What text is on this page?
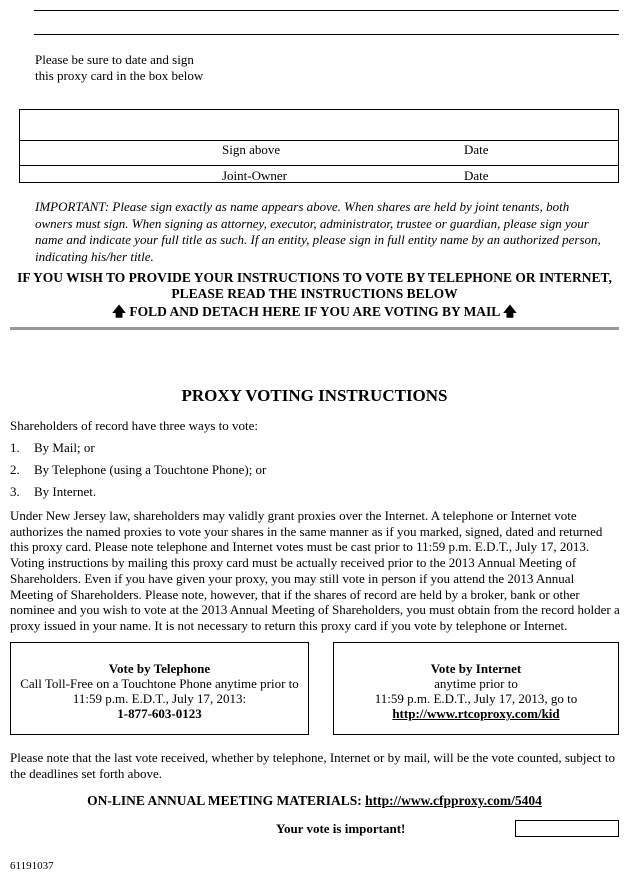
Please be sure to date and sign
this proxy card in the box below
Sign above	Date
Joint-Owner	Date
IMPORTANT: Please sign exactly as name appears above. When shares are held by joint tenants, both owners must sign. When signing as attorney, executor, administrator, trustee or guardian, please sign your name and indicate your full title as such. If an entity, please sign in full entity name by an authorized person, indicating his/her title.
IF YOU WISH TO PROVIDE YOUR INSTRUCTIONS TO VOTE BY TELEPHONE OR INTERNET,
PLEASE READ THE INSTRUCTIONS BELOW
🡅 FOLD AND DETACH HERE IF YOU ARE VOTING BY MAIL 🡅
PROXY VOTING INSTRUCTIONS
Shareholders of record have three ways to vote:
1. By Mail; or
2. By Telephone (using a Touchtone Phone); or
3. By Internet.
Under New Jersey law, shareholders may validly grant proxies over the Internet. A telephone or Internet vote authorizes the named proxies to vote your shares in the same manner as if you marked, signed, dated and returned this proxy card. Please note telephone and Internet votes must be cast prior to 11:59 p.m. E.D.T., July 17, 2013. Voting instructions by mailing this proxy card must be actually received prior to the 2013 Annual Meeting of Shareholders. Even if you have given your proxy, you may still vote in person if you attend the 2013 Annual Meeting of Shareholders. Please note, however, that if the shares of record are held by a broker, bank or other nominee and you wish to vote at the 2013 Annual Meeting of Shareholders, you must obtain from the record holder a proxy issued in your name. It is not necessary to return this proxy card if you vote by telephone or Internet.
Vote by Telephone
Call Toll-Free on a Touchtone Phone anytime prior to
11:59 p.m. E.D.T., July 17, 2013:
1-877-603-0123
Vote by Internet
anytime prior to
11:59 p.m. E.D.T., July 17, 2013, go to
http://www.rtcoproxy.com/kid
Please note that the last vote received, whether by telephone, Internet or by mail, will be the vote counted, subject to the deadlines set forth above.
ON-LINE ANNUAL MEETING MATERIALS: http://www.cfpproxy.com/5404
Your vote is important!
61191037
